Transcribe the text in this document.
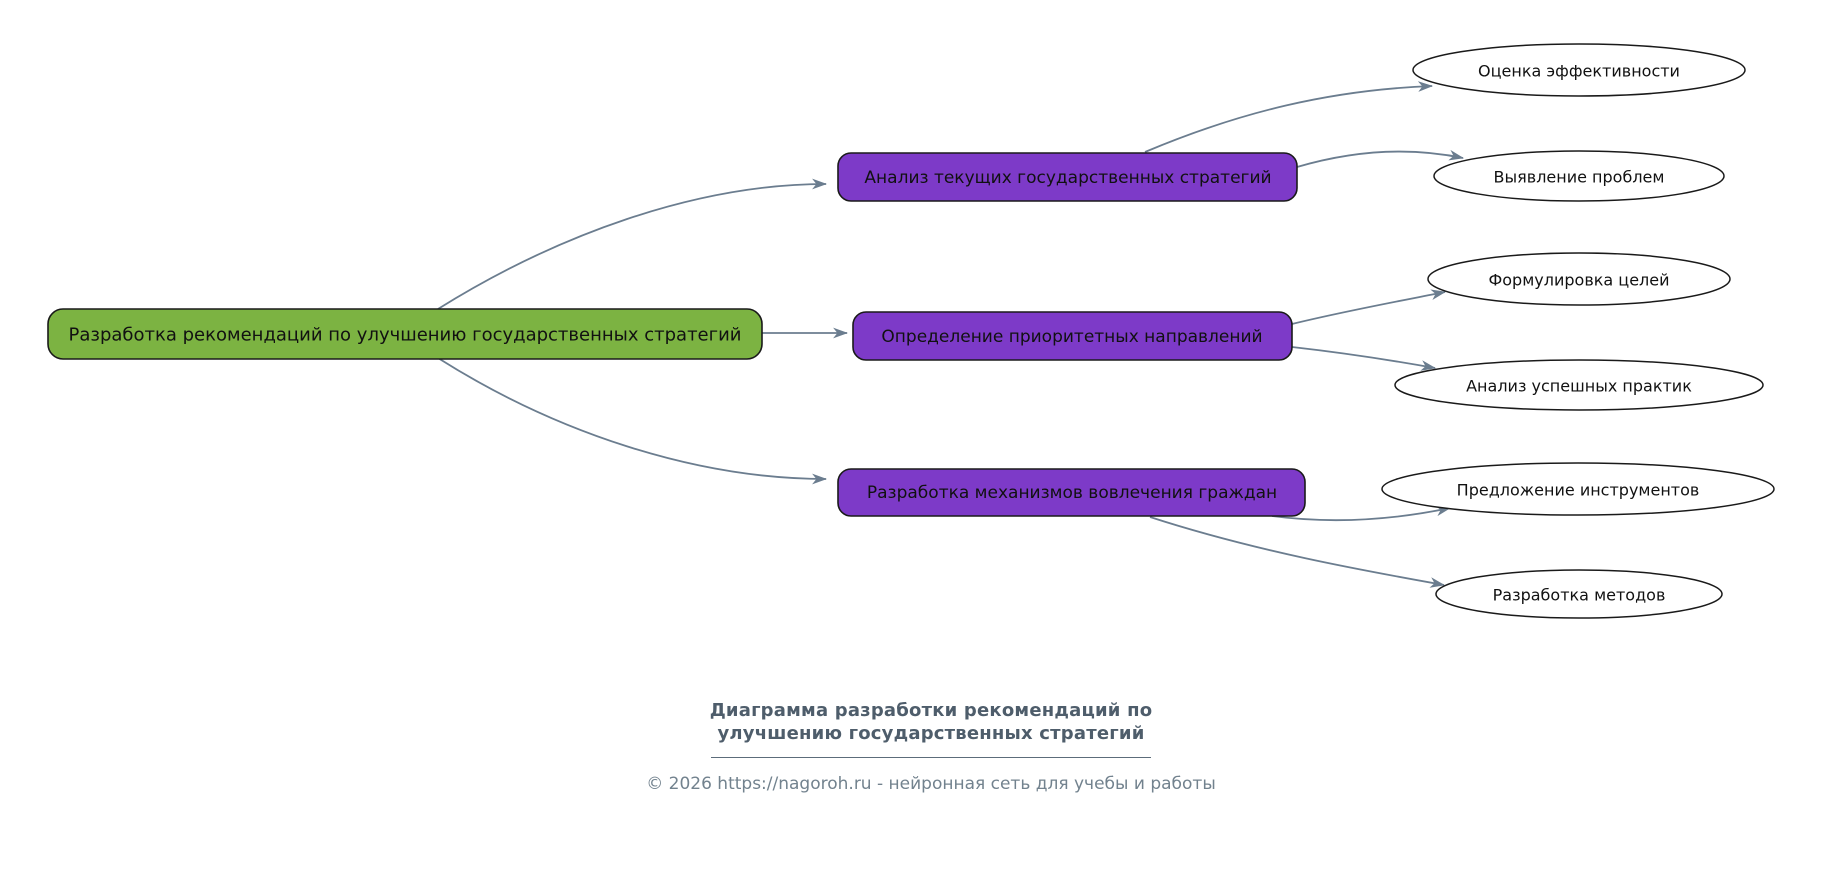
Разработка рекомендаций по улучшению государственных стратегий
Анализ текущих государственных стратегий
Определение приоритетных направлений
Разработка механизмов вовлечения граждан
Оценка эффективности
Выявление проблем
Формулировка целей
Анализ успешных практик
Предложение инструментов
Разработка методов
Диаграмма разработки рекомендаций по улучшению государственных стратегий
© 2026 https://nagoroh.ru - нейронная сеть для учебы и работы
